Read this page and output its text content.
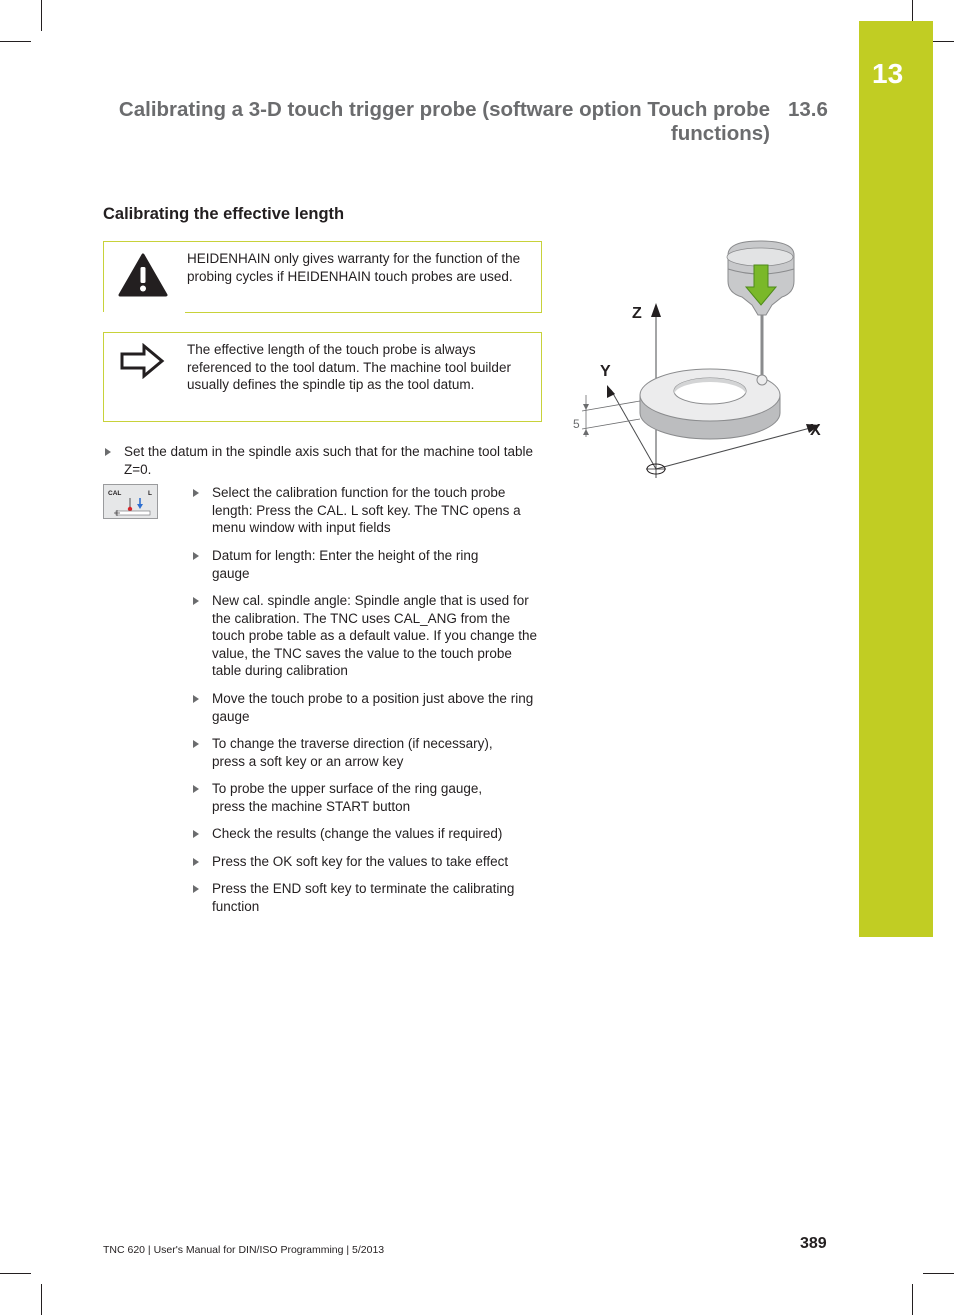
13
Calibrating a 3-D touch trigger probe (software option Touch probe
functions)
13.6
Calibrating the effective length
HEIDENHAIN only gives warranty for the function of the probing cycles if HEIDENHAIN touch probes are used.
The effective length of the touch probe is always referenced to the tool datum. The machine tool builder usually defines the spindle tip as the tool datum.
Set the datum in the spindle axis such that for the machine tool table Z=0.
CAL	L	Select the calibration function for the touch probe length: Press the CAL. L soft key. The TNC opens a menu window with input fields
Datum for length: Enter the height of the ring gauge
New cal. spindle angle: Spindle angle that is used for the calibration. The TNC uses CAL_ANG from the touch probe table as a default value. If you change the value, the TNC saves the value to the touch probe table during calibration
Move the touch probe to a position just above the ring gauge
To change the traverse direction (if necessary), press a soft key or an arrow key
To probe the upper surface of the ring gauge, press the machine START button
Check the results (change the values if required)
Press the OK soft key for the values to take effect
Press the END soft key to terminate the calibrating function
5
Z
Y
X
TNC 620 | User's Manual for DIN/ISO Programming | 5/2013	389
